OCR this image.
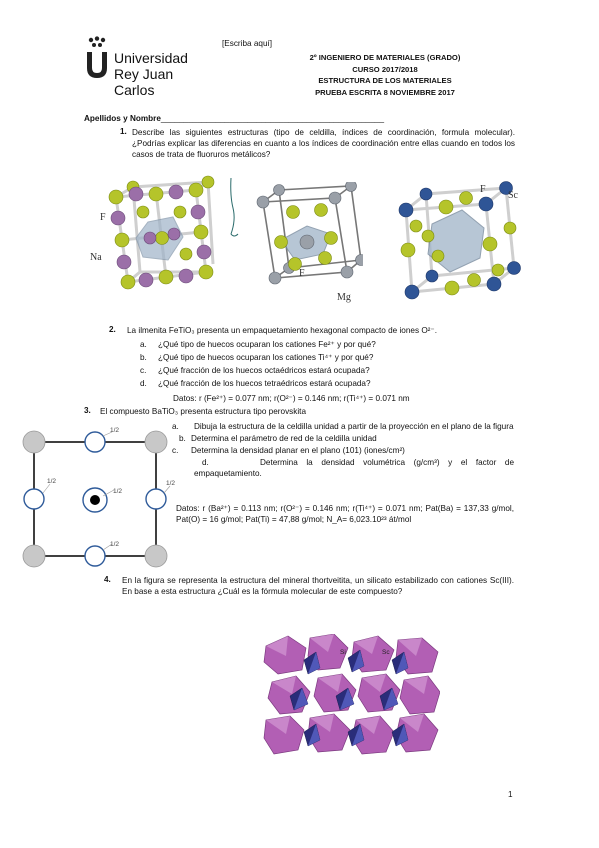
Universidad
Rey Juan Carlos
[Escriba aquí]
2º INGENIERO DE MATERIALES (GRADO)
CURSO 2017/2018
ESTRUCTURA DE LOS MATERIALES
PRUEBA ESCRITA 8 NOVIEMBRE 2017
Apellidos y Nombre_________________________________________________
1. Describe las siguientes estructuras (tipo de celdilla, índices de coordinación, formula molecular). ¿Podrías explicar las diferencias en cuanto a los índices de coordinación entre ellas cuando en todos los casos de trata de fluoruros metálicos?
F
Na
F
Mg
F
Sc
2. La ilmenita FeTiO₃ presenta un empaquetamiento hexagonal compacto de iones O²⁻.
a. ¿Qué tipo de huecos ocuparan los cationes Fe²⁺ y por qué?
b. ¿Qué tipo de huecos ocuparan los cationes Ti⁴⁺ y por qué?
c. ¿Qué fracción de los huecos octaédricos estará ocupada?
d. ¿Qué fracción de los huecos tetraédricos estará ocupada?
Datos: r (Fe²⁺) = 0.077 nm; r(O²⁻) = 0.146 nm; r(Ti⁴⁺) = 0.071 nm
3. El compuesto BaTiO₃ presenta estructura tipo perovskita
1/2
1/2	1/2
1/2
1/2
a. Dibuja la estructura de la celdilla unidad a partir de la proyección en el plano de la figura
b. Determina el parámetro de red de la celdilla unidad
c. Determina la densidad planar en el plano (101) (iones/cm²)
d.	Determina la densidad volumétrica (g/cm³) y el factor de empaquetamiento.
Datos: r (Ba²⁺) = 0.113 nm; r(O²⁻) = 0.146 nm; r(Ti⁴⁺) = 0.071 nm; Pat(Ba) = 137,33 g/mol, Pat(O) = 16 g/mol; Pat(Ti) = 47,88 g/mol; N_A= 6,023.10²³ át/mol
4. En la figura se representa la estructura del mineral thortveitita, un silicato estabilizado con cationes Sc(III). En base a esta estructura ¿Cuál es la fórmula molecular de este compuesto?
Si	Sc
1
